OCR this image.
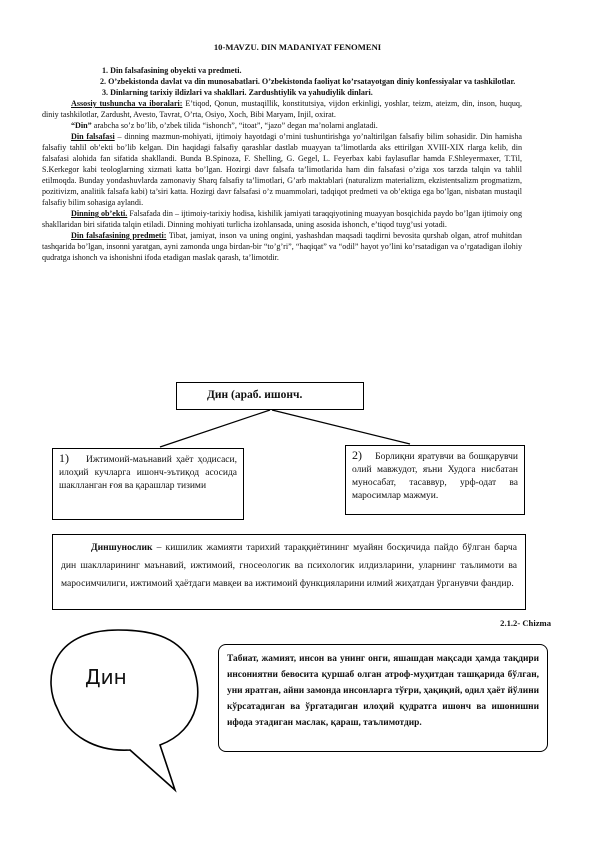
10-MAVZU. DIN MADANIYAT FENOMENI

1. Din falsafasining obyekti va predmeti.

2. O’zbekistonda davlat va din munosabatlari. O’zbekistonda faoliyat ko’rsatayotgan diniy konfessiyalar va tashkilotlar.

3. Dinlarning tarixiy ildizlari va shakllari. Zardushtiylik va yahudiylik dinlari.

Assosiy tushuncha va iboralari: E’tiqod, Qonun, mustaqillik, konstitutsiya, vijdon erkinligi, yoshlar, teizm, ateizm, din, inson, huquq, diniy tashkilotlar, Zardusht, Avesto, Tavrat, O’rta, Osiyo, Xoch, Bibi Maryam, Injil, oxirat.

“Din” arabcha so’z bo’lib, o’zbek tilida “ishonch”, “itoat”, “jazo” degan ma’nolarni anglatadi.

Din falsafasi – dinning mazmun-mohiyati, ijtimoiy hayotdagi o’rnini tushuntirishga yo’naltirilgan falsafiy bilim sohasidir. Din hamisha falsafiy tahlil ob’ekti bo’lib kelgan. Din haqidagi falsafiy qarashlar dastlab muayyan ta’limotlarda aks ettirilgan XVIII-XIX rlarga kelib, din falsafasi alohida fan sifatida shakllandi. Bunda B.Spinoza, F. Shelling, G. Gegel, L. Feyerbax kabi faylasuflar hamda F.Shleyermaxer, T.Til, S.Kerkegor kabi teologlarning xizmati katta bo’lgan. Hozirgi davr falsafa ta’limotlarida ham din falsafasi o’ziga xos tarzda talqin va tahlil etilmoqda. Bunday yondashuvlarda zamonaviy Sharq falsafiy ta’limotlari, G’arb maktablari (naturalizm materializm, ekzistentsalizm progmatizm, pozitivizm, analitik falsafa kabi) ta’siri katta. Hozirgi davr falsafasi o’z muammolari, tadqiqot predmeti va ob’ektiga ega bo’lgan, nisbatan mustaqil falsafiy bilim sohasiga aylandi.

Dinning ob’ekti. Falsafada din – ijtimoiy-tarixiy hodisa, kishilik jamiyati taraqqiyotining muayyan bosqichida paydo bo’lgan ijtimoiy ong shakllaridan biri sifatida talqin etiladi. Dinning mohiyati turlicha izohlansada, uning asosida ishonch, e’tiqod tuyg’usi yotadi.

Din falsafasining predmeti: Tibat, jamiyat, inson va uning ongini, yashashdan maqsadi taqdirni bevosita qurshab olgan, atrof muhitdan tashqarida bo’lgan, insonni yaratgan, ayni zamonda unga birdan-bir “to’g’ri”, “haqiqat” va “odil” hayot yo’lini ko’rsatadigan va o’rgatadigan ilohiy qudratga ishonch va ishonishni ifoda etadigan maslak qarash, ta’limotdir.

Дин (араб. ишонч.
1) Ижтимоий-маънавий ҳаёт ҳодисаси, илоҳий кучларга ишонч-эътиқод асосида шаклланган ғоя ва қарашлар тизими
2) Борлиқни яратувчи ва бошқарувчи олий мавжудот, яъни Худога нисбатан муносабат, тасаввур, урф-одат ва маросимлар мажмуи.
Диншунослик – кишилик жамияти тарихий тараққиётининг муайян босқичида пайдо бўлган барча дин шаклларининг маънавий, ижтимоий, гносеологик ва психологик илдизларини, уларнинг таълимоти ва маросимчилиги, ижтимоий ҳаётдаги мавқеи ва ижтимоий функцияларини илмий жиҳатдан ўрганувчи фандир.
2.1.2- Chizma
Дин
Табиат, жамият, инсон ва унинг онги, яшашдан мақсади ҳамда тақдири инсониятни бевосита қуршаб олган атроф-муҳитдан ташқарида бўлган, уни яратган, айни замонда инсонларга тўғри, ҳақиқий, одил ҳаёт йўлини кўрсатадиган ва ўргатадиган илоҳий қудратга ишонч ва ишонишни ифода этадиган маслак, қараш, таълимотдир.
